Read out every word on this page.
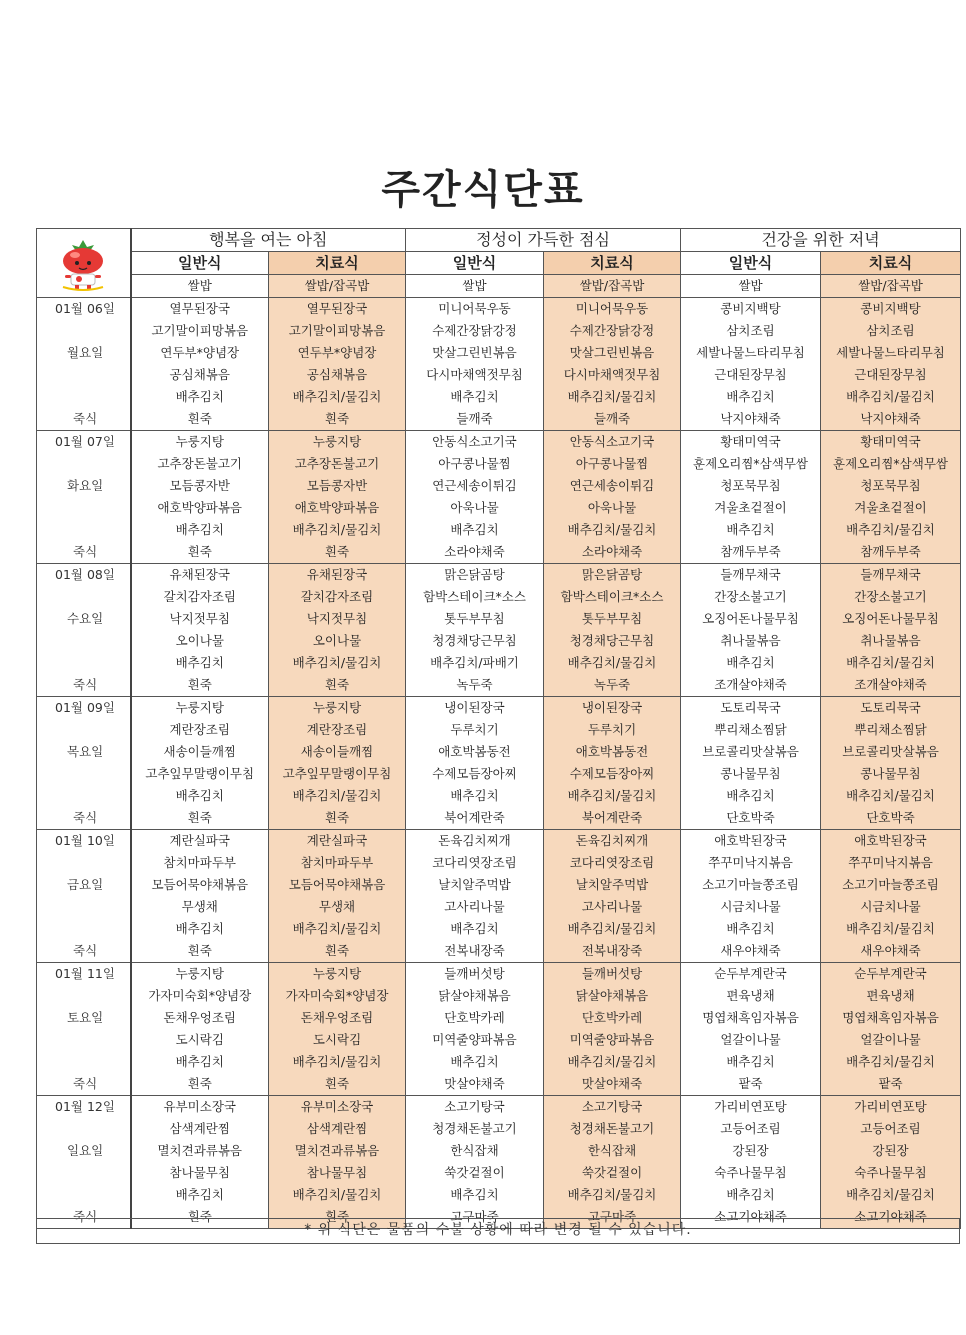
주간식단표
	행복을 여는 아침		정성이 가득한 점심		건강을 위한 저녁	
	일반식	치료식	일반식	치료식	일반식	치료식
	쌀밥	쌀밥/잡곡밥	쌀밥	쌀밥/잡곡밥	쌀밥	쌀밥/잡곡밥
01월 06일	열무된장국	열무된장국	미니어묵우동	미니어묵우동	콩비지백탕	콩비지백탕
	고기말이피망볶음	고기말이피망볶음	수제간장닭강정	수제간장닭강정	삼치조림	삼치조림
월요일	연두부*양념장	연두부*양념장	맛살그린빈볶음	맛살그린빈볶음	세발나물느타리무침	세발나물느타리무침
	공심채볶음	공심채볶음	다시마채액젓무침	다시마채액젓무침	근대된장무침	근대된장무침
	배추김치	배추김치/물김치	배추김치	배추김치/물김치	배추김치	배추김치/물김치
죽식	흰죽	흰죽	들깨죽	들깨죽	낙지야채죽	낙지야채죽
01월 07일	누룽지탕	누룽지탕	안동식소고기국	안동식소고기국	황태미역국	황태미역국
	고추장돈불고기	고추장돈불고기	아구콩나물찜	아구콩나물찜	훈제오리찜*삼색무쌈	훈제오리찜*삼색무쌈
화요일	모듬콩자반	모듬콩자반	연근세송이튀김	연근세송이튀김	청포묵무침	청포묵무침
	애호박양파볶음	애호박양파볶음	아욱나물	아욱나물	겨울초겉절이	겨울초겉절이
	배추김치	배추김치/물김치	배추김치	배추김치/물김치	배추김치	배추김치/물김치
죽식	흰죽	흰죽	소라야채죽	소라야채죽	참깨두부죽	참깨두부죽
01월 08일	유채된장국	유채된장국	맑은닭곰탕	맑은닭곰탕	들깨무채국	들깨무채국
	갈치감자조림	갈치감자조림	함박스테이크*소스	함박스테이크*소스	간장소불고기	간장소불고기
수요일	낙지젓무침	낙지젓무침	톳두부무침	톳두부무침	오징어돈나물무침	오징어돈나물무침
	오이나물	오이나물	청경채당근무침	청경채당근무침	취나물볶음	취나물볶음
	배추김치	배추김치/물김치	배추김치/파배기	배추김치/물김치	배추김치	배추김치/물김치
죽식	흰죽	흰죽	녹두죽	녹두죽	조개살야채죽	조개살야채죽
01월 09일	누룽지탕	누룽지탕	냉이된장국	냉이된장국	도토리묵국	도토리묵국
	계란장조림	계란장조림	두루치기	두루치기	뿌리채소찜닭	뿌리채소찜닭
목요일	새송이들깨찜	새송이들깨찜	애호박봄동전	애호박봄동전	브로콜리맛살볶음	브로콜리맛살볶음
	고추잎무말랭이무침	고추잎무말랭이무침	수제모듬장아찌	수제모듬장아찌	콩나물무침	콩나물무침
	배추김치	배추김치/물김치	배추김치	배추김치/물김치	배추김치	배추김치/물김치
죽식	흰죽	흰죽	북어계란죽	북어계란죽	단호박죽	단호박죽
01월 10일	계란실파국	계란실파국	돈육김치찌개	돈육김치찌개	애호박된장국	애호박된장국
	참치마파두부	참치마파두부	코다리엿장조림	코다리엿장조림	쭈꾸미낙지볶음	쭈꾸미낙지볶음
금요일	모듬어묵야채볶음	모듬어묵야채볶음	날치알주먹밥	날치알주먹밥	소고기마늘쫑조림	소고기마늘쫑조림
	무생채	무생채	고사리나물	고사리나물	시금치나물	시금치나물
	배추김치	배추김치/물김치	배추김치	배추김치/물김치	배추김치	배추김치/물김치
죽식	흰죽	흰죽	전복내장죽	전복내장죽	새우야채죽	새우야채죽
01월 11일	누룽지탕	누룽지탕	들깨버섯탕	들깨버섯탕	순두부계란국	순두부계란국
	가자미숙회*양념장	가자미숙회*양념장	닭살야채볶음	닭살야채볶음	편육냉채	편육냉채
토요일	돈채우엉조림	돈채우엉조림	단호박카레	단호박카레	명엽채흑임자볶음	명엽채흑임자볶음
	도시락김	도시락김	미역줄양파볶음	미역줄양파볶음	얼갈이나물	얼갈이나물
	배추김치	배추김치/물김치	배추김치	배추김치/물김치	배추김치	배추김치/물김치
죽식	흰죽	흰죽	맛살야채죽	맛살야채죽	팥죽	팥죽
01월 12일	유부미소장국	유부미소장국	소고기탕국	소고기탕국	가리비연포탕	가리비연포탕
	삼색계란찜	삼색계란찜	청경채돈불고기	청경채돈불고기	고등어조림	고등어조림
일요일	멸치견과류볶음	멸치견과류볶음	한식잡채	한식잡채	강된장	강된장
	참나물무침	참나물무침	쑥갓겉절이	쑥갓겉절이	숙주나물무침	숙주나물무침
	배추김치	배추김치/물김치	배추김치	배추김치/물김치	배추김치	배추김치/물김치
죽식	흰죽	흰죽	고구마죽	고구마죽	소고기야채죽	소고기야채죽
* 위 식단은 물품의 수불 상황에 따라 변경 될 수 있습니다.
